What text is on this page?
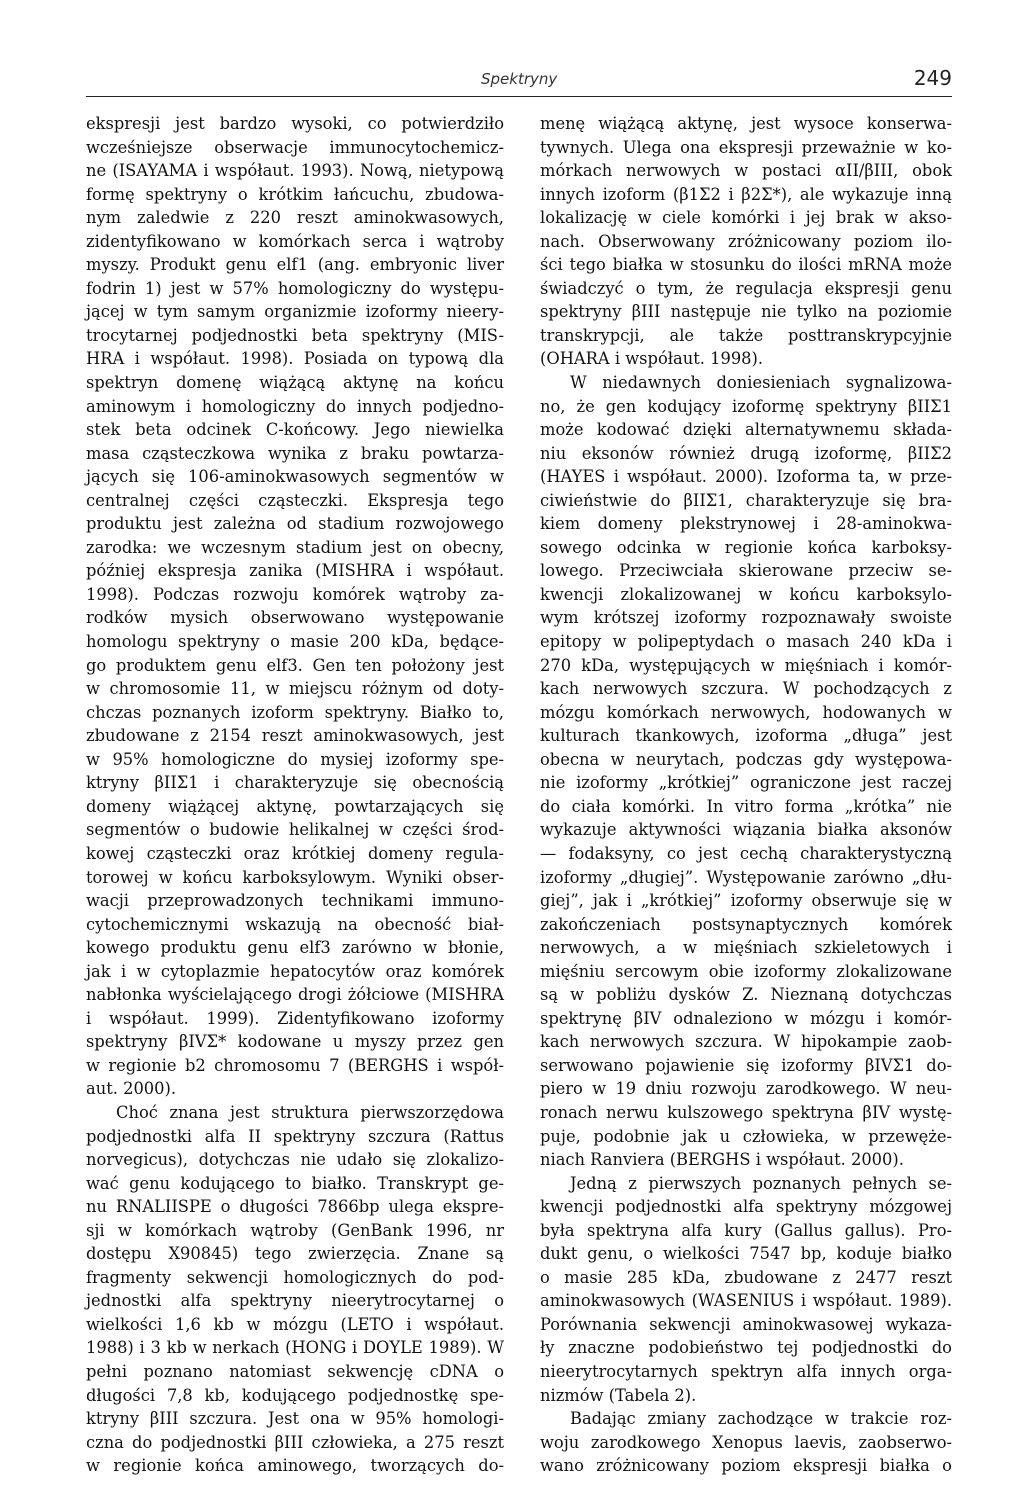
Spektryny	249
ekspresji jest bardzo wysoki, co potwierdziło
wcześniejsze obserwacje immunocytochemicz-
ne (ISAYAMA i współaut. 1993). Nową, nietypową
formę spektryny o krótkim łańcuchu, zbudowa-
nym zaledwie z 220 reszt aminokwasowych,
zidentyfikowano w komórkach serca i wątroby
myszy. Produkt genu elf1 (ang. embryonic liver
fodrin 1) jest w 57% homologiczny do występu-
jącej w tym samym organizmie izoformy nieery-
trocytarnej podjednostki beta spektryny (MIS-
HRA i współaut. 1998). Posiada on typową dla
spektryn domenę wiążącą aktynę na końcu
aminowym i homologiczny do innych podjedno-
stek beta odcinek C-końcowy. Jego niewielka
masa cząsteczkowa wynika z braku powtarza-
jących się 106-aminokwasowych segmentów w
centralnej części cząsteczki. Ekspresja tego
produktu jest zależna od stadium rozwojowego
zarodka: we wczesnym stadium jest on obecny,
później ekspresja zanika (MISHRA i współaut.
1998). Podczas rozwoju komórek wątroby za-
rodków mysich obserwowano występowanie
homologu spektryny o masie 200 kDa, będące-
go produktem genu elf3. Gen ten położony jest
w chromosomie 11, w miejscu różnym od doty-
chczas poznanych izoform spektryny. Białko to,
zbudowane z 2154 reszt aminokwasowych, jest
w 95% homologiczne do mysiej izoformy spe-
ktryny βIIΣ1 i charakteryzuje się obecnością
domeny wiążącej aktynę, powtarzających się
segmentów o budowie helikalnej w części środ-
kowej cząsteczki oraz krótkiej domeny regula-
torowej w końcu karboksylowym. Wyniki obser-
wacji przeprowadzonych technikami immuno-
cytochemicznymi wskazują na obecność biał-
kowego produktu genu elf3 zarówno w błonie,
jak i w cytoplazmie hepatocytów oraz komórek
nabłonka wyścielającego drogi żółciowe (MISHRA
i współaut. 1999). Zidentyfikowano izoformy
spektryny βIVΣ* kodowane u myszy przez gen
w regionie b2 chromosomu 7 (BERGHS i współ-
aut. 2000).
Choć znana jest struktura pierwszorzędowa
podjednostki alfa II spektryny szczura (Rattus
norvegicus), dotychczas nie udało się zlokalizo-
wać genu kodującego to białko. Transkrypt ge-
nu RNALIISPE o długości 7866bp ulega ekspre-
sji w komórkach wątroby (GenBank 1996, nr
dostępu X90845) tego zwierzęcia. Znane są
fragmenty sekwencji homologicznych do pod-
jednostki alfa spektryny nieerytrocytarnej o
wielkości 1,6 kb w mózgu (LETO i współaut.
1988) i 3 kb w nerkach (HONG i DOYLE 1989). W
pełni poznano natomiast sekwencję cDNA o
długości 7,8 kb, kodującego podjednostkę spe-
ktryny βIII szczura. Jest ona w 95% homologi-
czna do podjednostki βIII człowieka, a 275 reszt
w regionie końca aminowego, tworzących do-
menę wiążącą aktynę, jest wysoce konserwa-
tywnych. Ulega ona ekspresji przeważnie w ko-
mórkach nerwowych w postaci αII/βIII, obok
innych izoform (β1Σ2 i β2Σ*), ale wykazuje inną
lokalizację w ciele komórki i jej brak w akso-
nach. Obserwowany zróżnicowany poziom ilo-
ści tego białka w stosunku do ilości mRNA może
świadczyć o tym, że regulacja ekspresji genu
spektryny βIII następuje nie tylko na poziomie
transkrypcji, ale także posttranskrypcyjnie
(OHARA i współaut. 1998).
W niedawnych doniesieniach sygnalizowa-
no, że gen kodujący izoformę spektryny βIIΣ1
może kodować dzięki alternatywnemu składa-
niu eksonów również drugą izoformę, βIIΣ2
(HAYES i współaut. 2000). Izoforma ta, w prze-
ciwieństwie do βIIΣ1, charakteryzuje się bra-
kiem domeny plekstrynowej i 28-aminokwa-
sowego odcinka w regionie końca karboksy-
lowego. Przeciwciała skierowane przeciw se-
kwencji zlokalizowanej w końcu karboksylo-
wym krótszej izoformy rozpoznawały swoiste
epitopy w polipeptydach o masach 240 kDa i
270 kDa, występujących w mięśniach i komór-
kach nerwowych szczura. W pochodzących z
mózgu komórkach nerwowych, hodowanych w
kulturach tkankowych, izoforma „długa” jest
obecna w neurytach, podczas gdy występowa-
nie izoformy „krótkiej” ograniczone jest raczej
do ciała komórki. In vitro forma „krótka” nie
wykazuje aktywności wiązania białka aksonów
— fodaksyny, co jest cechą charakterystyczną
izoformy „długiej”. Występowanie zarówno „dłu-
giej”, jak i „krótkiej” izoformy obserwuje się w
zakończeniach postsynaptycznych komórek
nerwowych, a w mięśniach szkieletowych i
mięśniu sercowym obie izoformy zlokalizowane
są w pobliżu dysków Z. Nieznaną dotychczas
spektrynę βIV odnaleziono w mózgu i komór-
kach nerwowych szczura. W hipokampie zaob-
serwowano pojawienie się izoformy βIVΣ1 do-
piero w 19 dniu rozwoju zarodkowego. W neu-
ronach nerwu kulszowego spektryna βIV wystę-
puje, podobnie jak u człowieka, w przewęże-
niach Ranviera (BERGHS i współaut. 2000).
Jedną z pierwszych poznanych pełnych se-
kwencji podjednostki alfa spektryny mózgowej
była spektryna alfa kury (Gallus gallus). Pro-
dukt genu, o wielkości 7547 bp, koduje białko
o masie 285 kDa, zbudowane z 2477 reszt
aminokwasowych (WASENIUS i współaut. 1989).
Porównania sekwencji aminokwasowej wykaza-
ły znaczne podobieństwo tej podjednostki do
nieerytrocytarnych spektryn alfa innych orga-
nizmów (Tabela 2).
Badając zmiany zachodzące w trakcie roz-
woju zarodkowego Xenopus laevis, zaobserwo-
wano zróżnicowany poziom ekspresji białka o
